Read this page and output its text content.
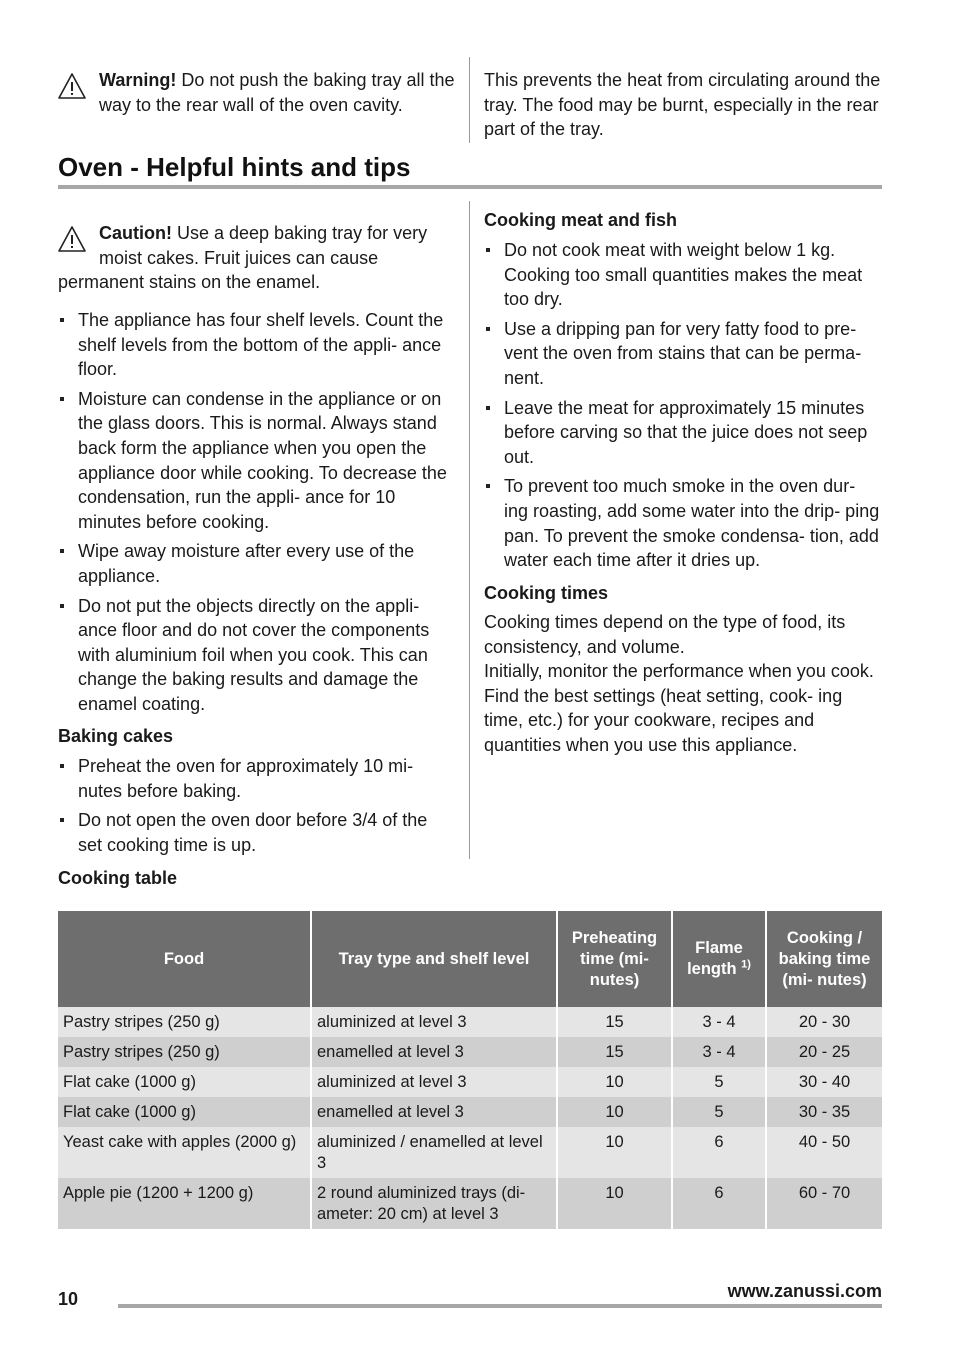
Warning! Do not push the baking tray all the way to the rear wall of the oven cavity.

This prevents the heat from circulating around the tray. The food may be burnt, especially in the rear part of the tray.

Oven - Helpful hints and tips

Caution! Use a deep baking tray for very

moist cakes. Fruit juices can cause

permanent stains on the enamel.

The appliance has four shelf levels. Count the shelf levels from the bottom of the appli- ance floor.
Moisture can condense in the appliance or on the glass doors. This is normal. Always stand back form the appliance when you open the appliance door while cooking. To decrease the condensation, run the appli- ance for 10 minutes before cooking.
Wipe away moisture after every use of the appliance.
Do not put the objects directly on the appli- ance floor and do not cover the components with aluminium foil when you cook. This can change the baking results and damage the enamel coating.
Baking cakes
Preheat the oven for approximately 10 mi- nutes before baking.
Do not open the oven door before 3/4 of the set cooking time is up.
Cooking meat and fish
Do not cook meat with weight below 1 kg. Cooking too small quantities makes the meat too dry.
Use a dripping pan for very fatty food to pre- vent the oven from stains that can be perma- nent.
Leave the meat for approximately 15 minutes before carving so that the juice does not seep out.
To prevent too much smoke in the oven dur- ing roasting, add some water into the drip- ping pan. To prevent the smoke condensa- tion, add water each time after it dries up.
Cooking times

Cooking times depend on the type of food, its consistency, and volume.

Initially, monitor the performance when you cook. Find the best settings (heat setting, cook- ing time, etc.) for your cookware, recipes and quantities when you use this appliance.

Cooking table
Food	Tray type and shelf level	Preheating time (mi- nutes)	Flame length $^{1)}$	Cooking / baking time (mi- nutes)
Pastry stripes (250 g)	aluminized at level 3	15	3 - 4	20 - 30
Pastry stripes (250 g)	enamelled at level 3	15	3 - 4	20 - 25
Flat cake (1000 g)	aluminized at level 3	10	5	30 - 40
Flat cake (1000 g)	enamelled at level 3	10	5	30 - 35
Yeast cake with apples (2000 g)	aluminized / enamelled at level 3	10	6	40 - 50
Apple pie (1200 + 1200 g)	2 round aluminized trays (di- ameter: 20 cm) at level 3	10	6	60 - 70
10	www.zanussi.com
